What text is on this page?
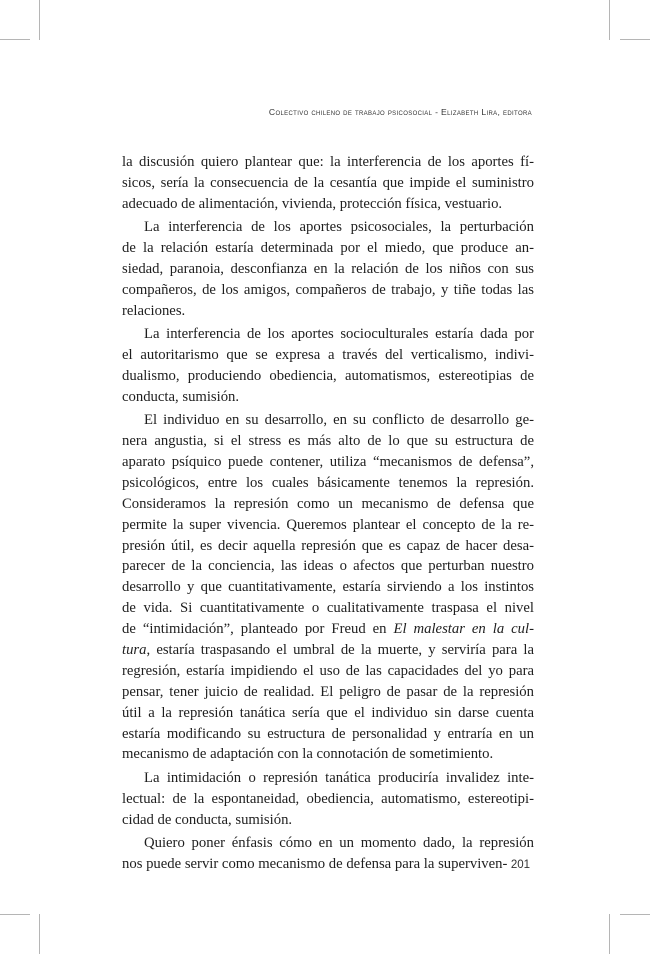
Colectivo chileno de trabajo psicosocial - Elizabeth Lira, editora
la discusión quiero plantear que: la interferencia de los aportes fí-
sicos, sería la consecuencia de la cesantía que impide el suministro
adecuado de alimentación, vivienda, protección física, vestuario.
La interferencia de los aportes psicosociales, la perturbación
de la relación estaría determinada por el miedo, que produce an-
siedad, paranoia, desconfianza en la relación de los niños con sus
compañeros, de los amigos, compañeros de trabajo, y tiñe todas las
relaciones.
La interferencia de los aportes socioculturales estaría dada por
el autoritarismo que se expresa a través del verticalismo, indivi-
dualismo, produciendo obediencia, automatismos, estereotipias de
conducta, sumisión.
El individuo en su desarrollo, en su conflicto de desarrollo ge-
nera angustia, si el stress es más alto de lo que su estructura de
aparato psíquico puede contener, utiliza “mecanismos de defensa”,
psicológicos, entre los cuales básicamente tenemos la represión.
Consideramos la represión como un mecanismo de defensa que
permite la super vivencia. Queremos plantear el concepto de la re-
presión útil, es decir aquella represión que es capaz de hacer desa-
parecer de la conciencia, las ideas o afectos que perturban nuestro
desarrollo y que cuantitativamente, estaría sirviendo a los instintos
de vida. Si cuantitativamente o cualitativamente traspasa el nivel
de “intimidación”, planteado por Freud en El malestar en la cul-
tura, estaría traspasando el umbral de la muerte, y serviría para la
regresión, estaría impidiendo el uso de las capacidades del yo para
pensar, tener juicio de realidad. El peligro de pasar de la represión
útil a la represión tanática sería que el individuo sin darse cuenta
estaría modificando su estructura de personalidad y entraría en un
mecanismo de adaptación con la connotación de sometimiento.
La intimidación o represión tanática produciría invalidez inte-
lectual: de la espontaneidad, obediencia, automatismo, estereotipi-
cidad de conducta, sumisión.
Quiero poner énfasis cómo en un momento dado, la represión
nos puede servir como mecanismo de defensa para la superviven- 201
